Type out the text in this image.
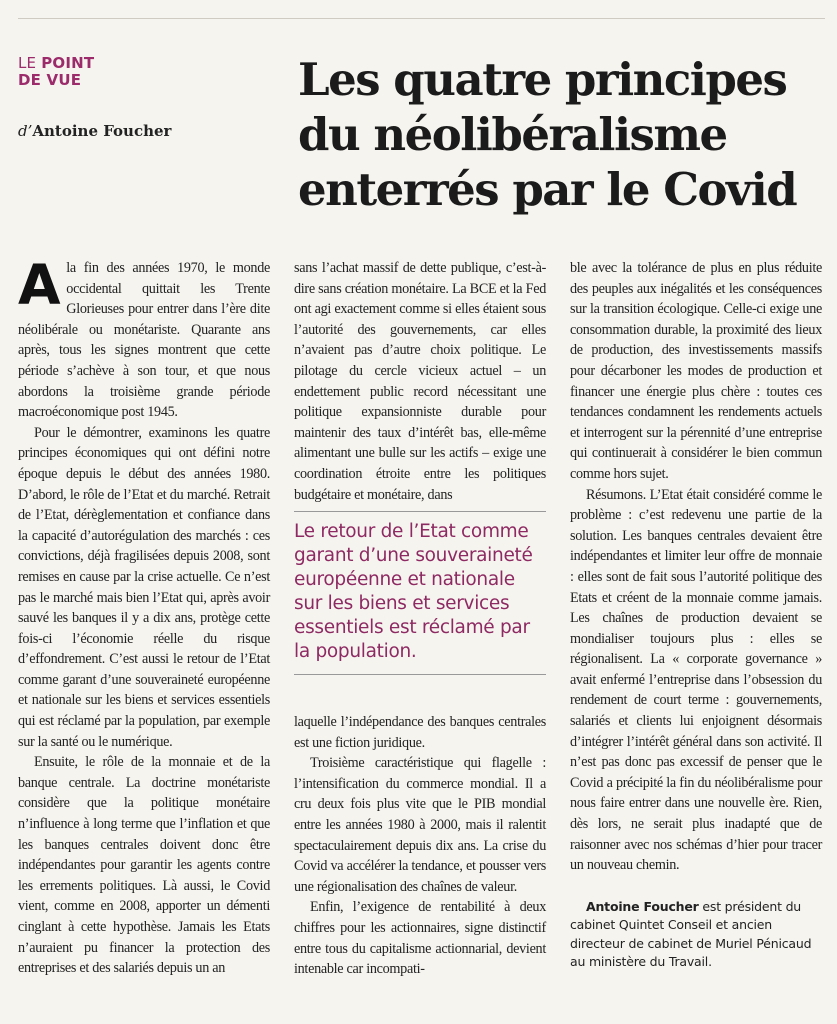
LE POINT
DE VUE
d’Antoine Foucher
Les quatre principes
du néolibéralisme
enterrés par le Covid

Ala fin des années 1970, le monde occidental quittait les Trente Glorieuses pour entrer dans l’ère dite néolibérale ou monétariste. Quarante ans après, tous les signes montrent que cette période s’achève à son tour, et que nous abordons la troisième grande période macroéconomique post 1945.

Pour le démontrer, examinons les quatre principes économiques qui ont défini notre époque depuis le début des années 1980. D’abord, le rôle de l’Etat et du marché. Retrait de l’Etat, dérèglementation et confiance dans la capacité d’autorégulation des marchés : ces convictions, déjà fragilisées depuis 2008, sont remises en cause par la crise actuelle. Ce n’est pas le marché mais bien l’Etat qui, après avoir sauvé les banques il y a dix ans, protège cette fois-ci l’économie réelle du risque d’effondrement. C’est aussi le retour de l’Etat comme garant d’une souveraineté européenne et nationale sur les biens et services essentiels qui est réclamé par la population, par exemple sur la santé ou le numérique.

Ensuite, le rôle de la monnaie et de la banque centrale. La doctrine monétariste considère que la politique monétaire n’influence à long terme que l’inflation et que les banques centrales doivent donc être indépendantes pour garantir les agents contre les errements politiques. Là aussi, le Covid vient, comme en 2008, apporter un démenti cinglant à cette hypothèse. Jamais les Etats n’auraient pu financer la protection des entreprises et des salariés depuis un an

sans l’achat massif de dette publique, c’est-à-dire sans création monétaire. La BCE et la Fed ont agi exactement comme si elles étaient sous l’autorité des gouvernements, car elles n’avaient pas d’autre choix politique. Le pilotage du cercle vicieux actuel – un endettement public record nécessitant une politique expansionniste durable pour maintenir des taux d’intérêt bas, elle-même alimentant une bulle sur les actifs – exige une coordination étroite entre les politiques budgétaire et monétaire, dans

Le retour de l’Etat comme garant d’une souveraineté européenne et nationale sur les biens et services essentiels est réclamé par la population.

laquelle l’indépendance des banques centrales est une fiction juridique.

Troisième caractéristique qui flagelle : l’intensification du commerce mondial. Il a cru deux fois plus vite que le PIB mondial entre les années 1980 à 2000, mais il ralentit spectaculairement depuis dix ans. La crise du Covid va accélérer la tendance, et pousser vers une régionalisation des chaînes de valeur.

Enfin, l’exigence de rentabilité à deux chiffres pour les actionnaires, signe distinctif entre tous du capitalisme actionnarial, devient intenable car incompati-

ble avec la tolérance de plus en plus réduite des peuples aux inégalités et les conséquences sur la transition écologique. Celle-ci exige une consommation durable, la proximité des lieux de production, des investissements massifs pour décarboner les modes de production et financer une énergie plus chère : toutes ces tendances condamnent les rendements actuels et interrogent sur la pérennité d’une entreprise qui continuerait à considérer le bien commun comme hors sujet.

Résumons. L’Etat était considéré comme le problème : c’est redevenu une partie de la solution. Les banques centrales devaient être indépendantes et limiter leur offre de monnaie : elles sont de fait sous l’autorité politique des Etats et créent de la monnaie comme jamais. Les chaînes de production devaient se mondialiser toujours plus : elles se régionalisent. La « corporate governance » avait enfermé l’entreprise dans l’obsession du rendement de court terme : gouvernements, salariés et clients lui enjoignent désormais d’intégrer l’intérêt général dans son activité. Il n’est pas donc pas excessif de penser que le Covid a précipité la fin du néolibéralisme pour nous faire entrer dans une nouvelle ère. Rien, dès lors, ne serait plus inadapté que de raisonner avec nos schémas d’hier pour tracer un nouveau chemin.

Antoine Foucher est président du cabinet Quintet Conseil et ancien directeur de cabinet de Muriel Pénicaud au ministère du Travail.
